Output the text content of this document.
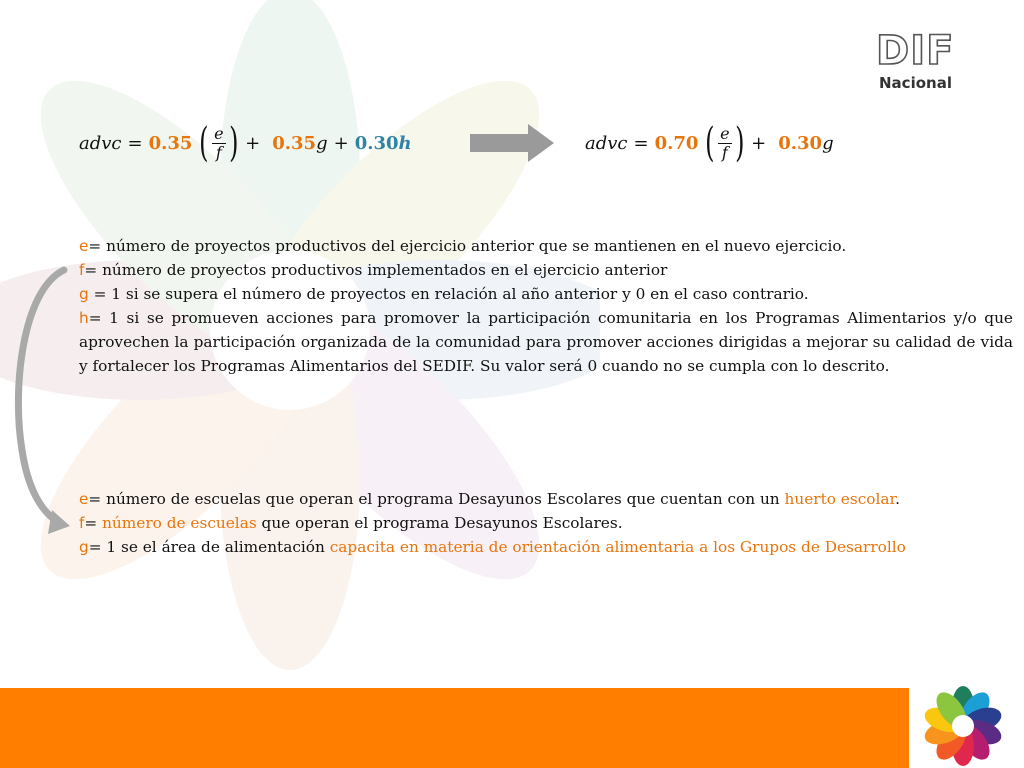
DIF
Nacional
advc = 0.35 ( $\frac{e}{f}$ ) + 0.35 g + 0.30 h	advc = 0.70 ( $\frac{e}{f}$ ) + 0.30 g

e= número de proyectos productivos del ejercicio anterior que se mantienen en el nuevo ejercicio.

f= número de proyectos productivos implementados en el ejercicio anterior

g = 1 si se supera el número de proyectos en relación al año anterior y 0 en el caso contrario.

h= 1 si se promueven acciones para promover la participación comunitaria en los Programas Alimentarios y/o que aprovechen la participación organizada de la comunidad para promover acciones dirigidas a mejorar su calidad de vida y fortalecer los Programas Alimentarios del SEDIF. Su valor será 0 cuando no se cumpla con lo descrito.

e= número de escuelas que operan el programa Desayunos Escolares que cuentan con un huerto escolar.

f= número de escuelas que operan el programa Desayunos Escolares.

g= 1 se el área de alimentación capacita en materia de orientación alimentaria a los Grupos de Desarrollo
